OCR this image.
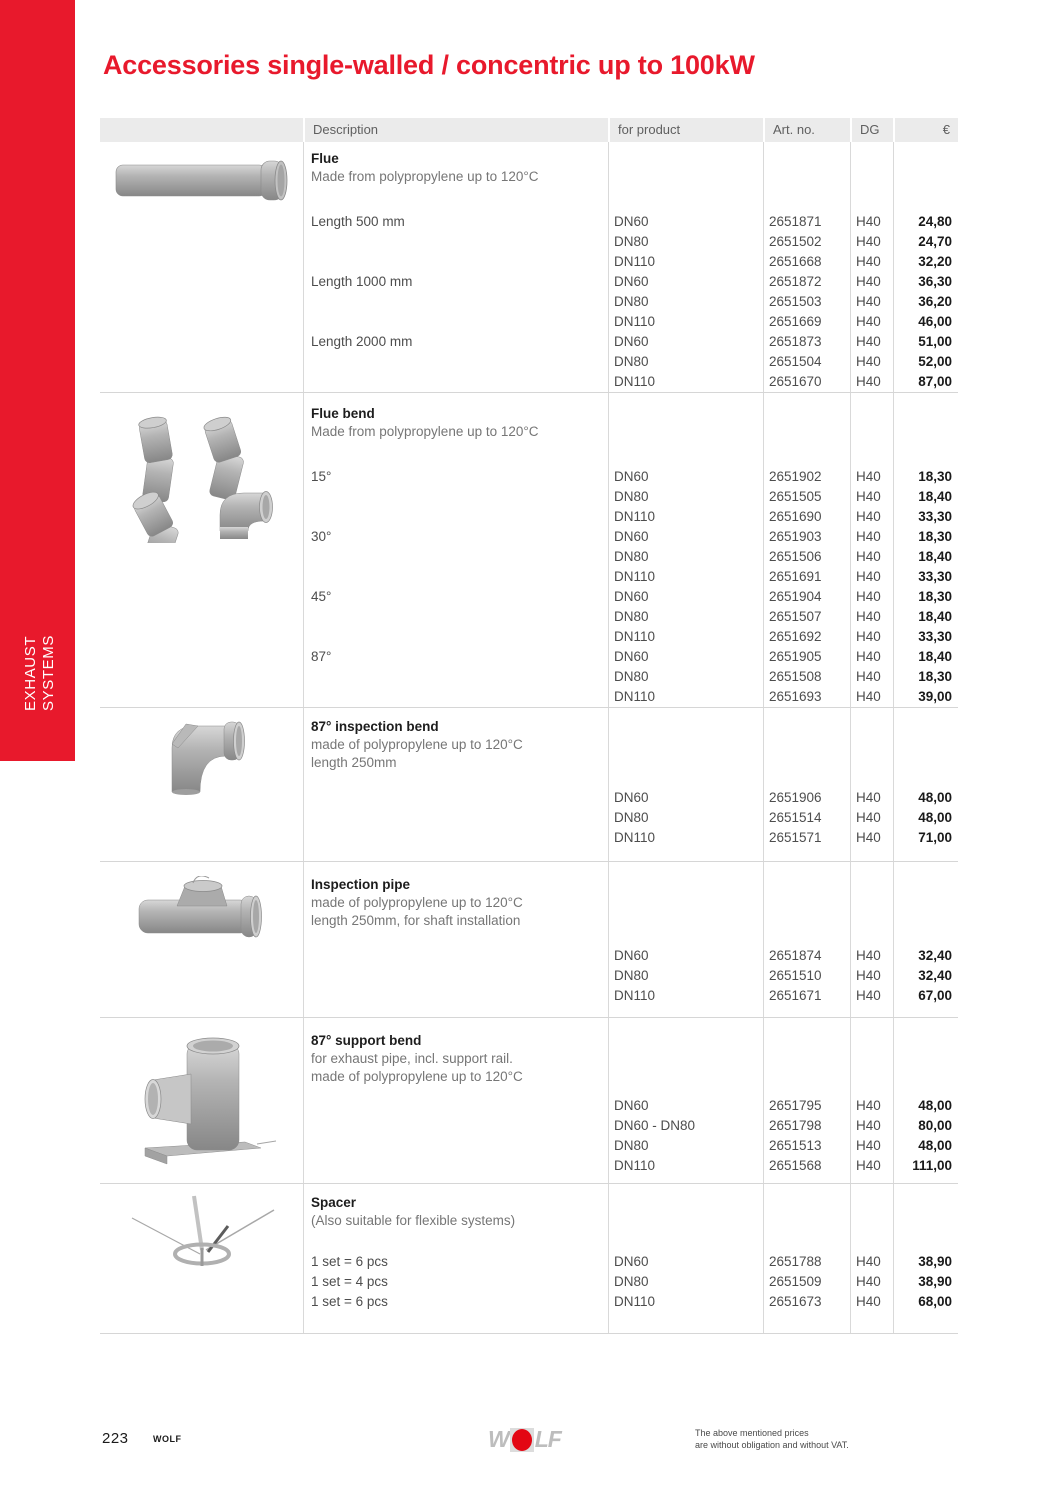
EXHAUST SYSTEMS
Accessories single-walled / concentric up to 100kW
Description	for product	Art. no.	DG	€
Flue
Made from polypropylene up to 120°C
Length 500 mm	DN60	2651871	H40	24,80
DN80	2651502	H40	24,70
DN110	2651668	H40	32,20
Length 1000 mm	DN60	2651872	H40	36,30
DN80	2651503	H40	36,20
DN110	2651669	H40	46,00
Length 2000 mm	DN60	2651873	H40	51,00
DN80	2651504	H40	52,00
DN110	2651670	H40	87,00
Flue bend
Made from polypropylene up to 120°C
15°	DN60	2651902	H40	18,30
DN80	2651505	H40	18,40
DN110	2651690	H40	33,30
30°	DN60	2651903	H40	18,30
DN80	2651506	H40	18,40
DN110	2651691	H40	33,30
45°	DN60	2651904	H40	18,30
DN80	2651507	H40	18,40
DN110	2651692	H40	33,30
87°	DN60	2651905	H40	18,40
DN80	2651508	H40	18,30
DN110	2651693	H40	39,00
87° inspection bend
made of polypropylene up to 120°C
length 250mm
DN60	2651906	H40	48,00
DN80	2651514	H40	48,00
DN110	2651571	H40	71,00
Inspection pipe
made of polypropylene up to 120°C
length 250mm, for shaft installation
DN60	2651874	H40	32,40
DN80	2651510	H40	32,40
DN110	2651671	H40	67,00
87° support bend
for exhaust pipe, incl. support rail.
made of polypropylene up to 120°C
DN60	2651795	H40	48,00
DN60 - DN80	2651798	H40	80,00
DN80	2651513	H40	48,00
DN110	2651568	H40	111,00
Spacer
(Also suitable for flexible systems)
1 set = 6 pcs	DN60	2651788	H40	38,90
1 set = 4 pcs	DN80	2651509	H40	38,90
1 set = 6 pcs	DN110	2651673	H40	68,00
223	WOLF	W LF	The above mentioned prices
are without obligation and without VAT.
